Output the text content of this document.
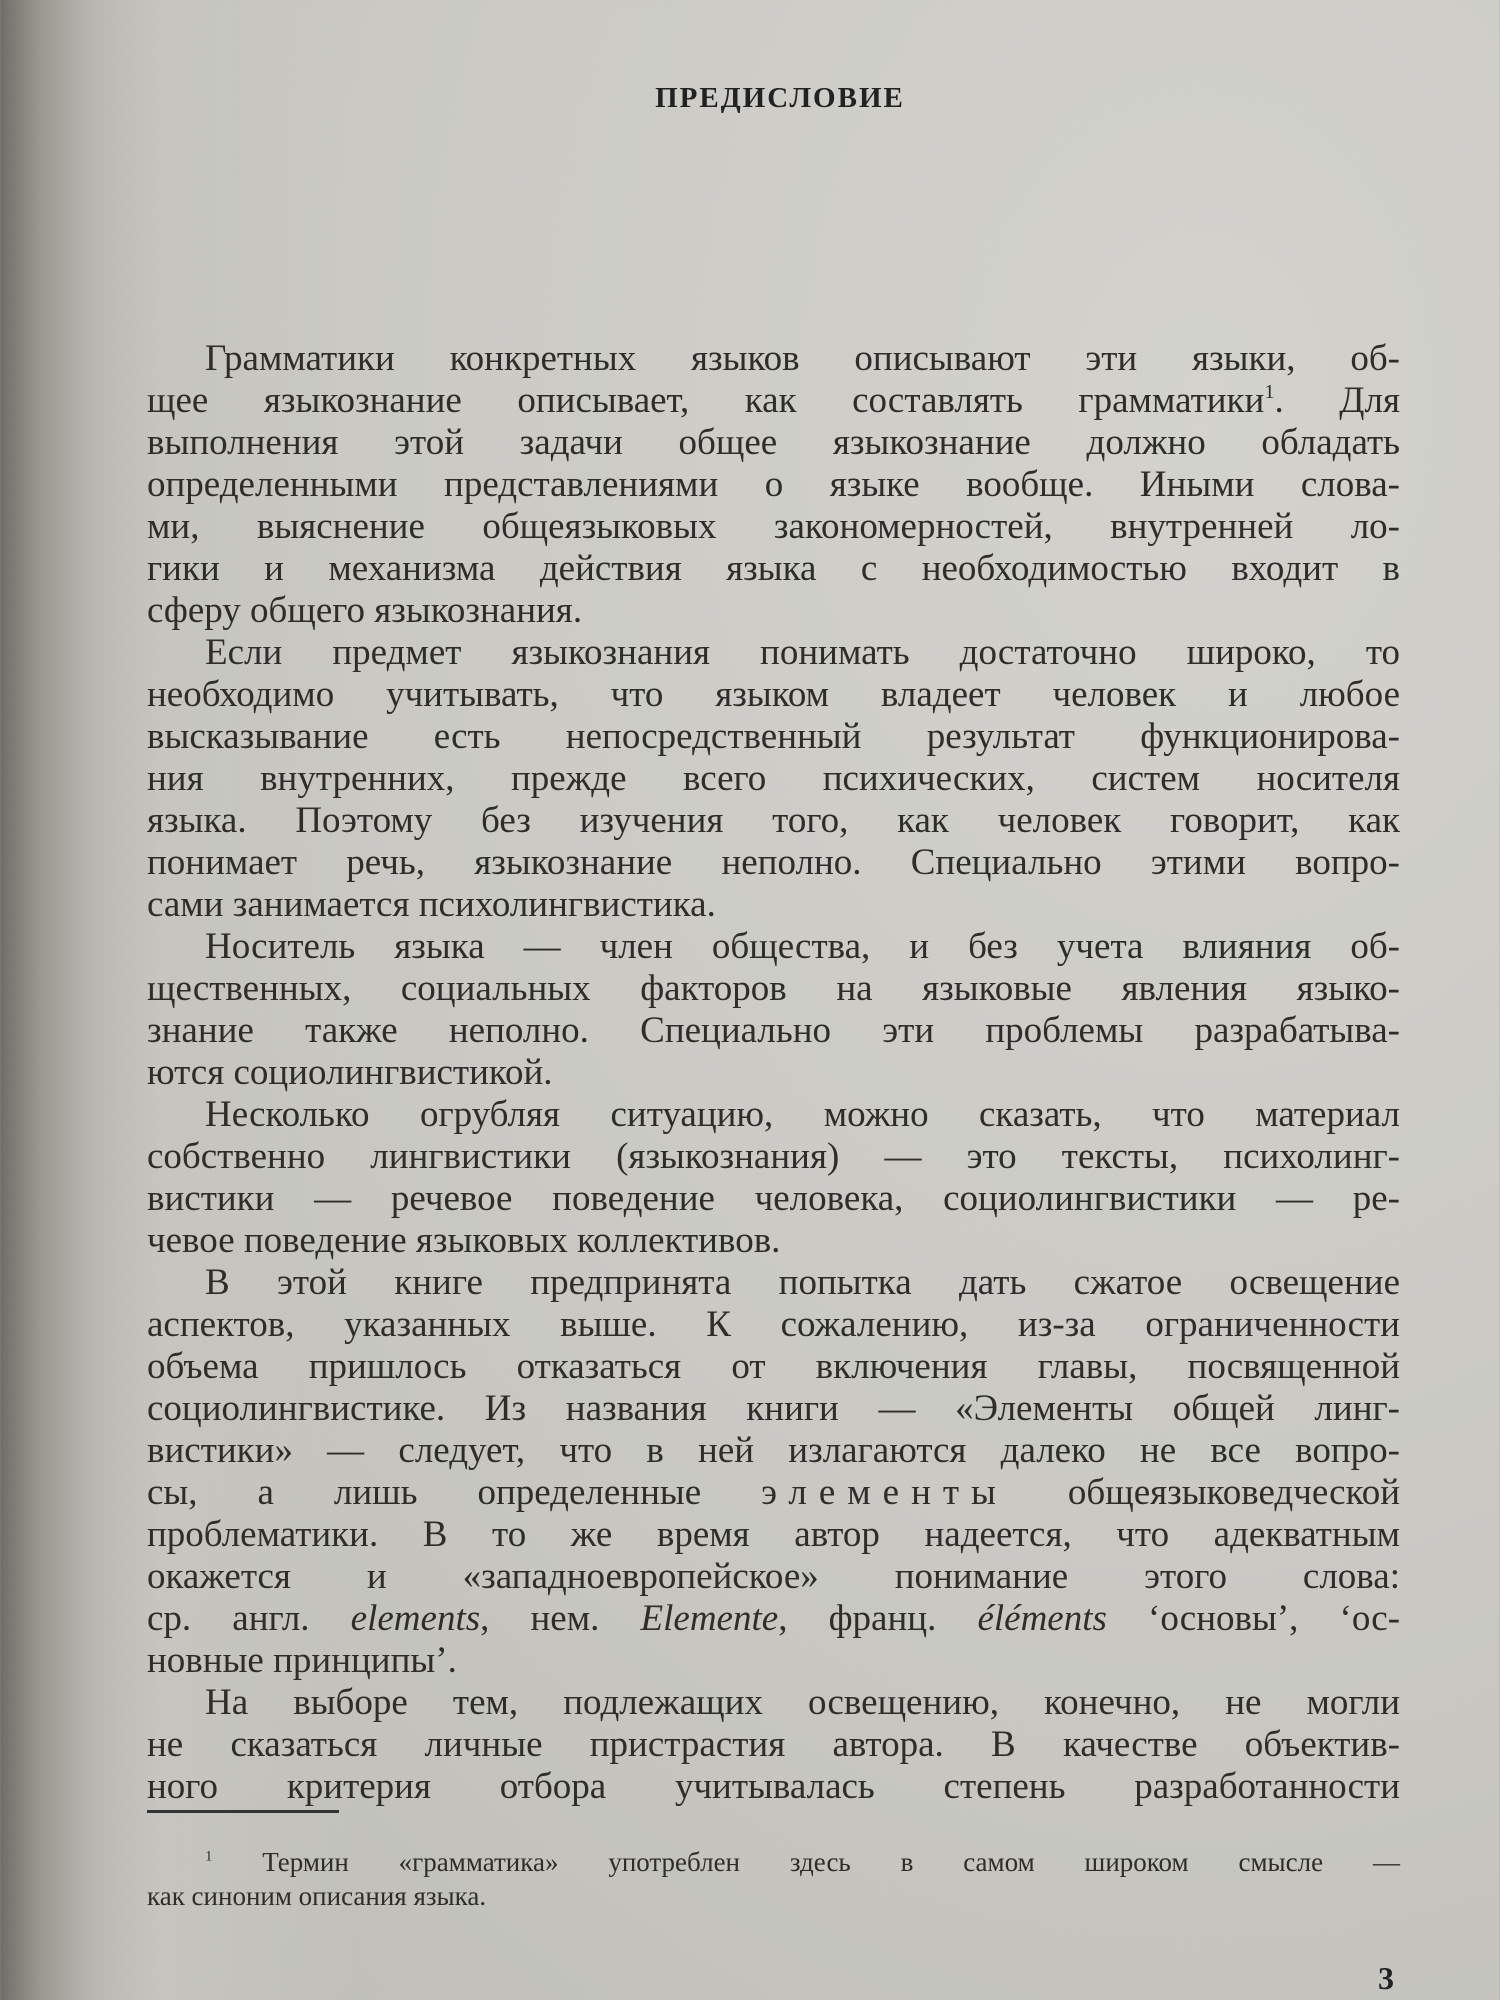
ПРЕДИСЛОВИЕ
Грамматики конкретных языков описывают эти языки, об-
щее языкознание описывает, как составлять грамматики$^1$. Для
выполнения этой задачи общее языкознание должно обладать
определенными представлениями о языке вообще. Иными слова-
ми, выяснение общеязыковых закономерностей, внутренней ло-
гики и механизма действия языка с необходимостью входит в
сферу общего языкознания.
Если предмет языкознания понимать достаточно широко, то
необходимо учитывать, что языком владеет человек и любое
высказывание есть непосредственный результат функционирова-
ния внутренних, прежде всего психических, систем носителя
языка. Поэтому без изучения того, как человек говорит, как
понимает речь, языкознание неполно. Специально этими вопро-
сами занимается психолингвистика.
Носитель языка — член общества, и без учета влияния об-
щественных, социальных факторов на языковые явления языко-
знание также неполно. Специально эти проблемы разрабатыва-
ются социолингвистикой.
Несколько огрубляя ситуацию, можно сказать, что материал
собственно лингвистики (языкознания) — это тексты, психолинг-
вистики — речевое поведение человека, социолингвистики — ре-
чевое поведение языковых коллективов.
В этой книге предпринята попытка дать сжатое освещение
аспектов, указанных выше. К сожалению, из-за ограниченности
объема пришлось отказаться от включения главы, посвященной
социолингвистике. Из названия книги — «Элементы общей линг-
вистики» — следует, что в ней излагаются далеко не все вопро-
сы, а лишь определенные элементы общеязыковедческой
проблематики. В то же время автор надеется, что адекватным
окажется и «западноевропейское» понимание этого слова:
ср. англ. elements, нем. Elemente, франц. éléments ‘основы’, ‘ос-
новные принципы’.
На выборе тем, подлежащих освещению, конечно, не могли
не сказаться личные пристрастия автора. В качестве объектив-
ного критерия отбора учитывалась степень разработанности
$^1$ Термин «грамматика» употреблен здесь в самом широком смысле —
как синоним описания языка.
3
